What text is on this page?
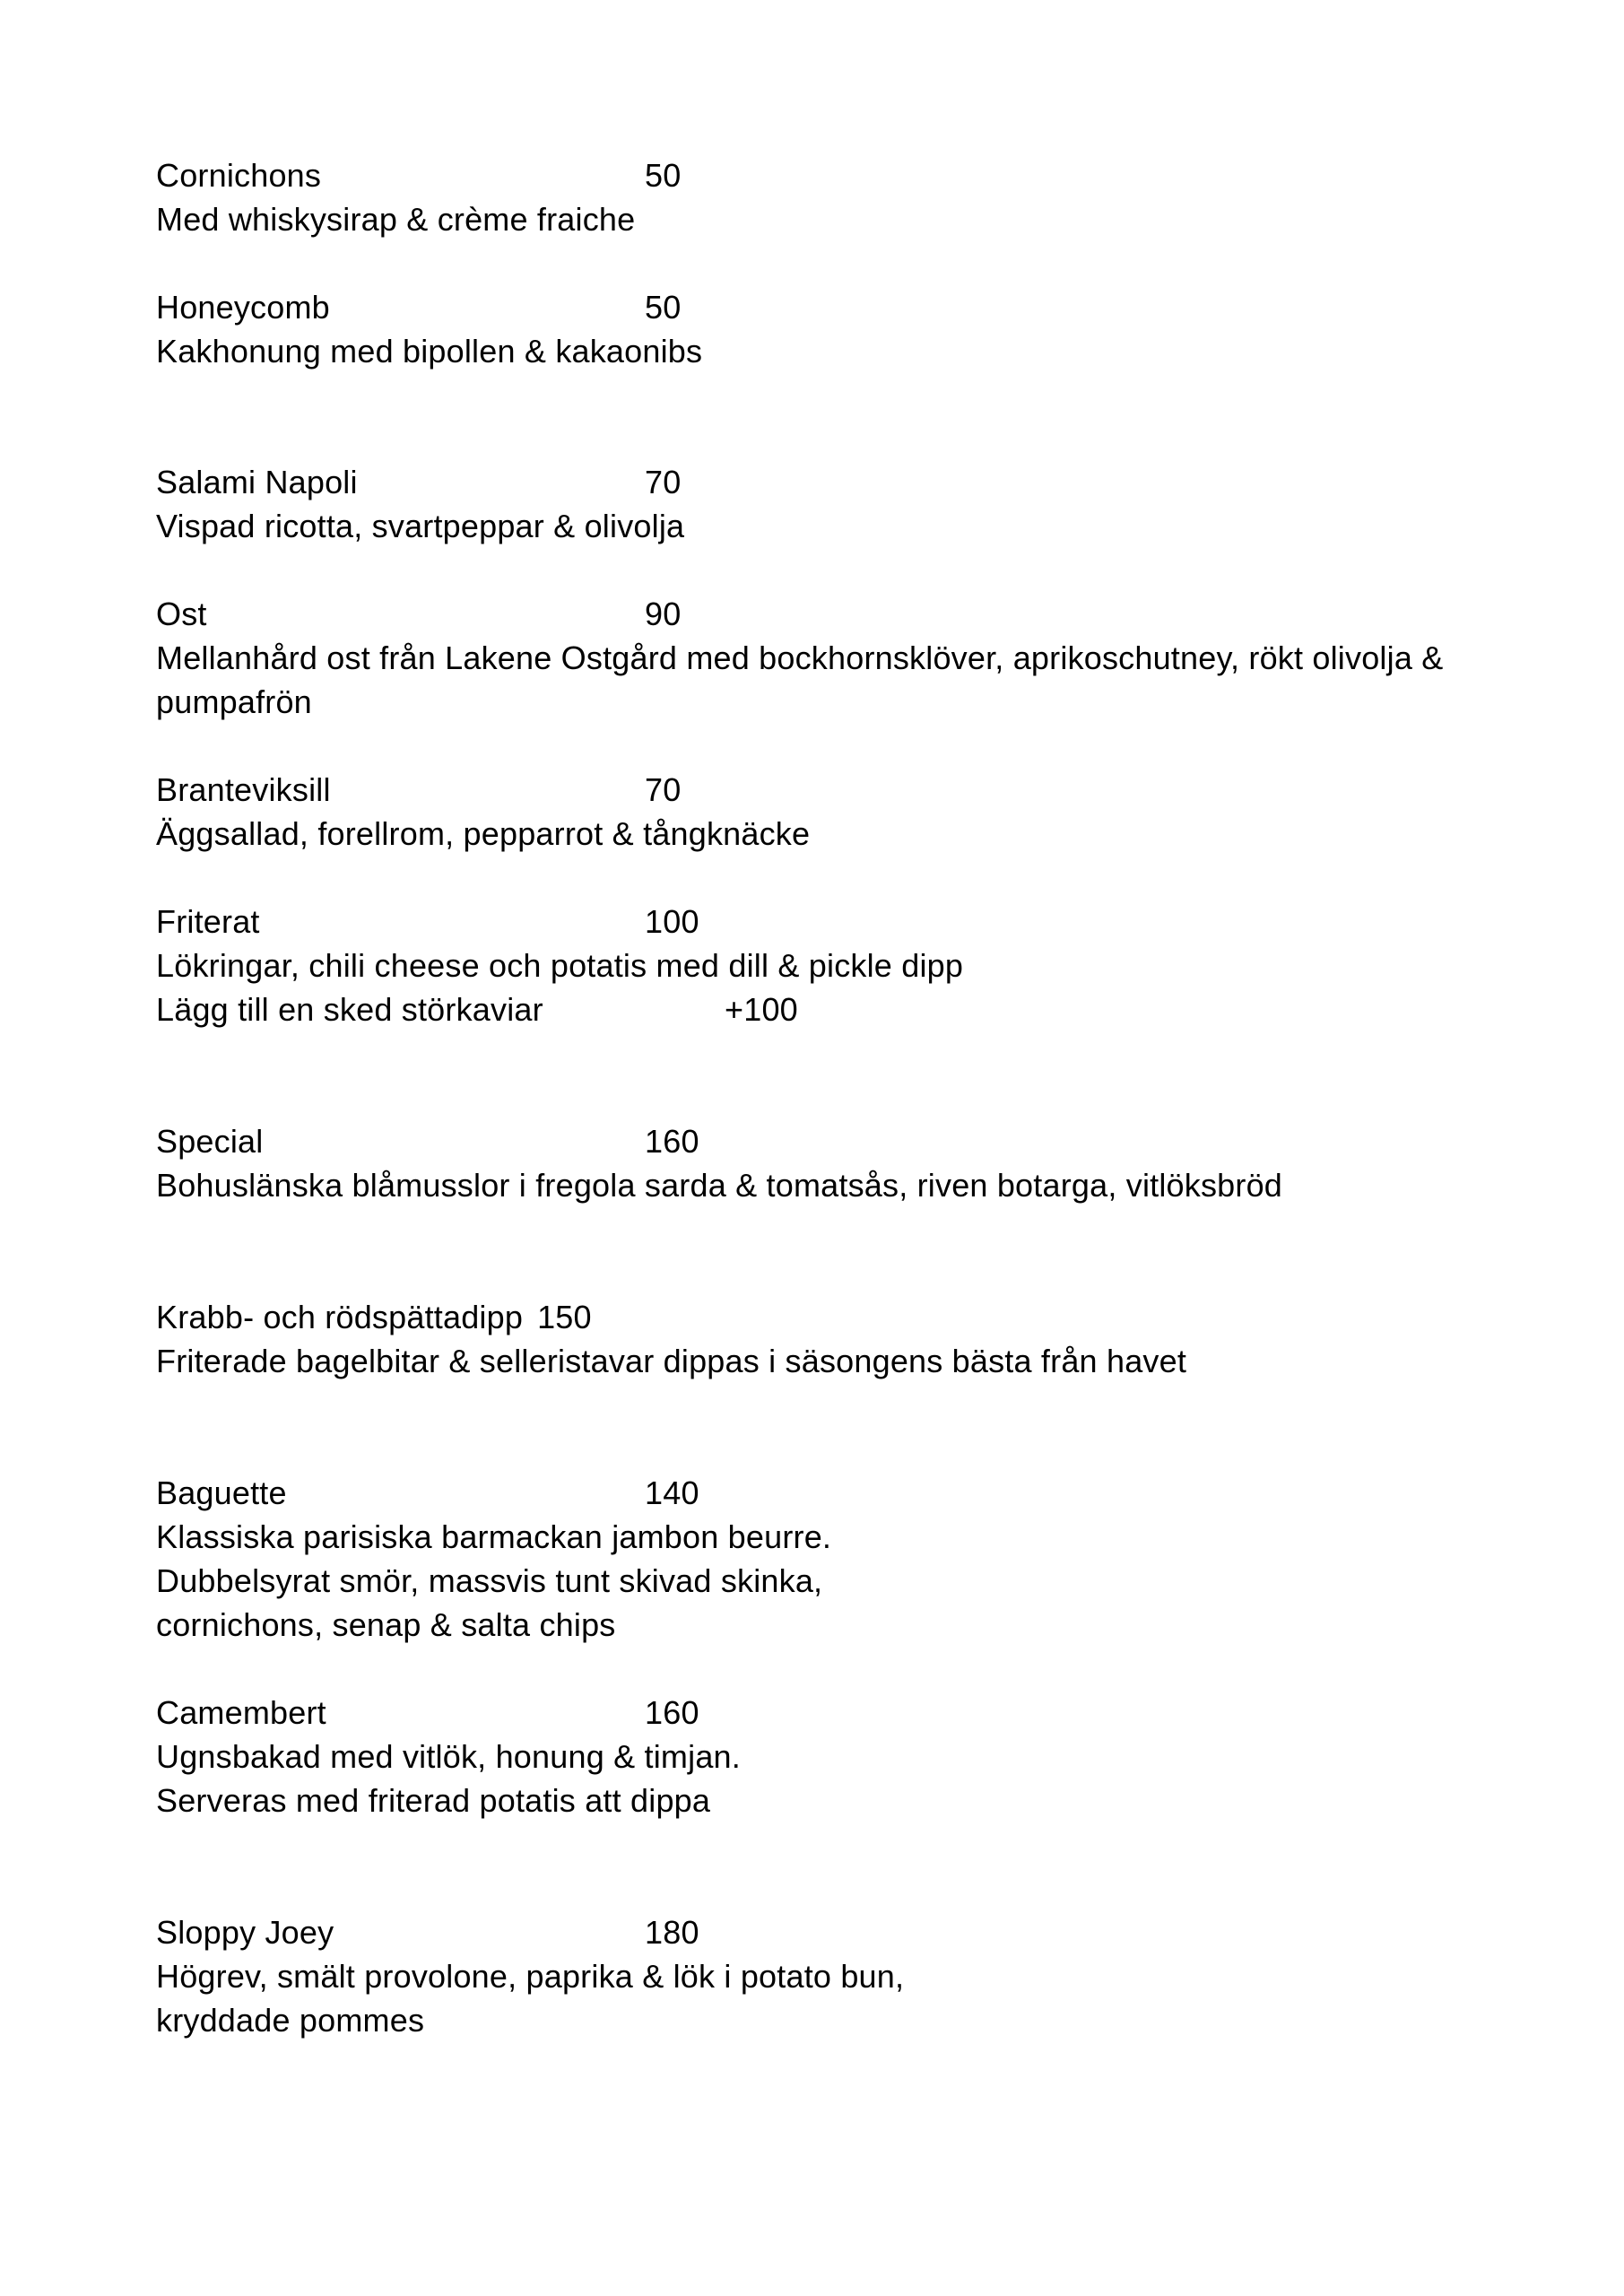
Cornichons	50
Med whiskysirap & crème fraiche
Honeycomb	50
Kakhonung med bipollen & kakaonibs
Salami Napoli	70
Vispad ricotta, svartpeppar & olivolja
Ost	90
Mellanhård ost från Lakene Ostgård med bockhornsklöver, aprikoschutney, rökt olivolja &
pumpafrön
Branteviksill	70
Äggsallad, forellrom, pepparrot & tångknäcke
Friterat	100
Lökringar, chili cheese och potatis med dill & pickle dipp
Lägg till en sked störkaviar	+100
Special	160
Bohuslänska blåmusslor i fregola sarda & tomatsås, riven botarga, vitlöksbröd
Krabb- och rödspättadipp 150
Friterade bagelbitar & selleristavar dippas i säsongens bästa från havet
Baguette	140
Klassiska parisiska barmackan jambon beurre.
Dubbelsyrat smör, massvis tunt skivad skinka,
cornichons, senap & salta chips
Camembert	160
Ugnsbakad med vitlök, honung & timjan.
Serveras med friterad potatis att dippa
Sloppy Joey	180
Högrev, smält provolone, paprika & lök i potato bun,
kryddade pommes
